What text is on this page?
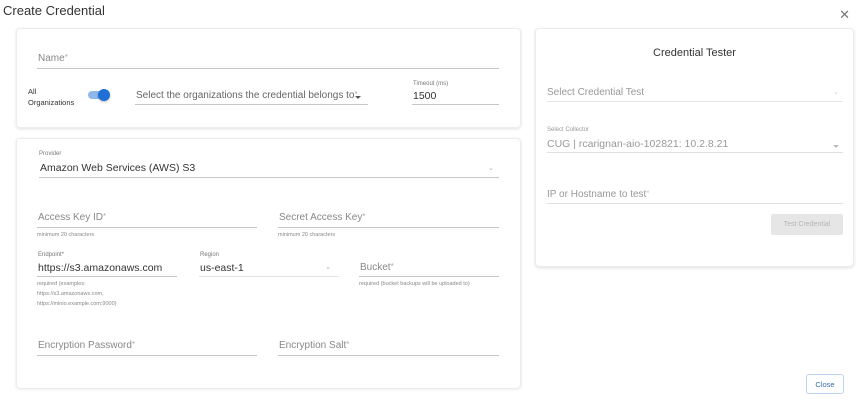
Create Credential	✕
Name*
All
Organizations
Select the organizations the credential belongs to*
Timeout (ms)
1500
Provider
Amazon Web Services (AWS) S3	⌄
Access Key ID*
minimum 20 characters
Secret Access Key*
minimum 20 characters
Endpoint*
https://s3.amazonaws.com
required (examples:
https://s3.amazonaws.com,
https://minio.example.com:9000)
Region
us-east-1	⌄	Bucket*
required (bucket backups will be uploaded to)
Encryption Password*	Encryption Salt*
Credential Tester
Select Credential Test	⌄
Select Collector
CUG | rcarignan-aio-102821: 10.2.8.21
IP or Hostname to test*
Test Credential
Close
